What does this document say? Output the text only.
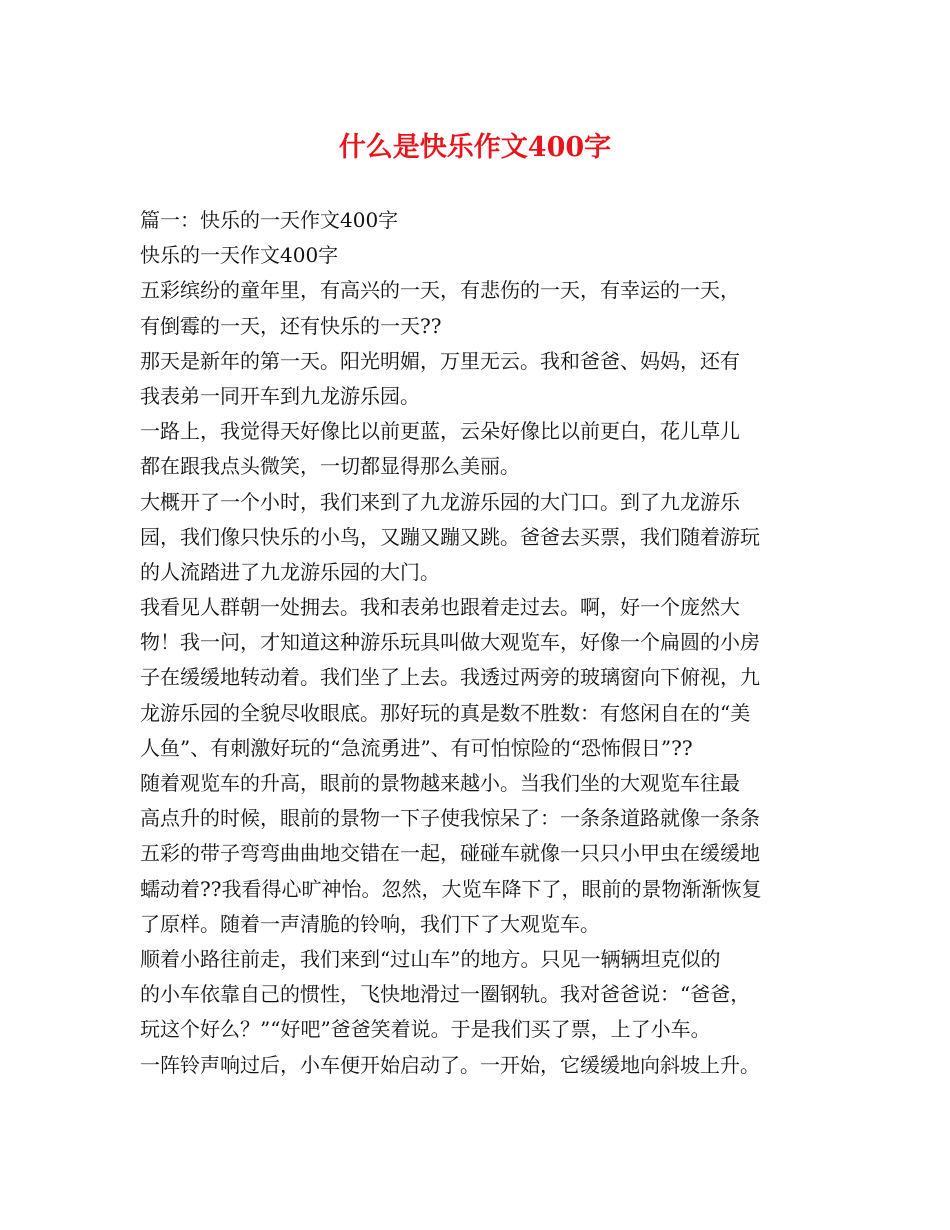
什么是快乐作文400字
篇一：快乐的一天作文400字
快乐的一天作文400字
五彩缤纷的童年里，有高兴的一天，有悲伤的一天，有幸运的一天，
有倒霉的一天，还有快乐的一天??
那天是新年的第一天。阳光明媚，万里无云。我和爸爸、妈妈，还有
我表弟一同开车到九龙游乐园。
一路上，我觉得天好像比以前更蓝，云朵好像比以前更白，花儿草儿
都在跟我点头微笑，一切都显得那么美丽。
大概开了一个小时，我们来到了九龙游乐园的大门口。到了九龙游乐
园，我们像只快乐的小鸟，又蹦又蹦又跳。爸爸去买票，我们随着游玩
的人流踏进了九龙游乐园的大门。
我看见人群朝一处拥去。我和表弟也跟着走过去。啊，好一个庞然大
物！我一问，才知道这种游乐玩具叫做大观览车，好像一个扁圆的小房
子在缓缓地转动着。我们坐了上去。我透过两旁的玻璃窗向下俯视，九
龙游乐园的全貌尽收眼底。那好玩的真是数不胜数：有悠闲自在的“美
人鱼”、有刺激好玩的“急流勇进”、有可怕惊险的“恐怖假日”??
随着观览车的升高，眼前的景物越来越小。当我们坐的大观览车往最
高点升的时候，眼前的景物一下子使我惊呆了：一条条道路就像一条条
五彩的带子弯弯曲曲地交错在一起，碰碰车就像一只只小甲虫在缓缓地
蠕动着??我看得心旷神怡。忽然，大览车降下了，眼前的景物渐渐恢复
了原样。随着一声清脆的铃响，我们下了大观览车。
顺着小路往前走，我们来到“过山车”的地方。只见一辆辆坦克似的
的小车依靠自己的惯性，飞快地滑过一圈钢轨。我对爸爸说：“爸爸，
玩这个好么？”“好吧”爸爸笑着说。于是我们买了票，上了小车。
一阵铃声响过后，小车便开始启动了。一开始，它缓缓地向斜坡上升。
